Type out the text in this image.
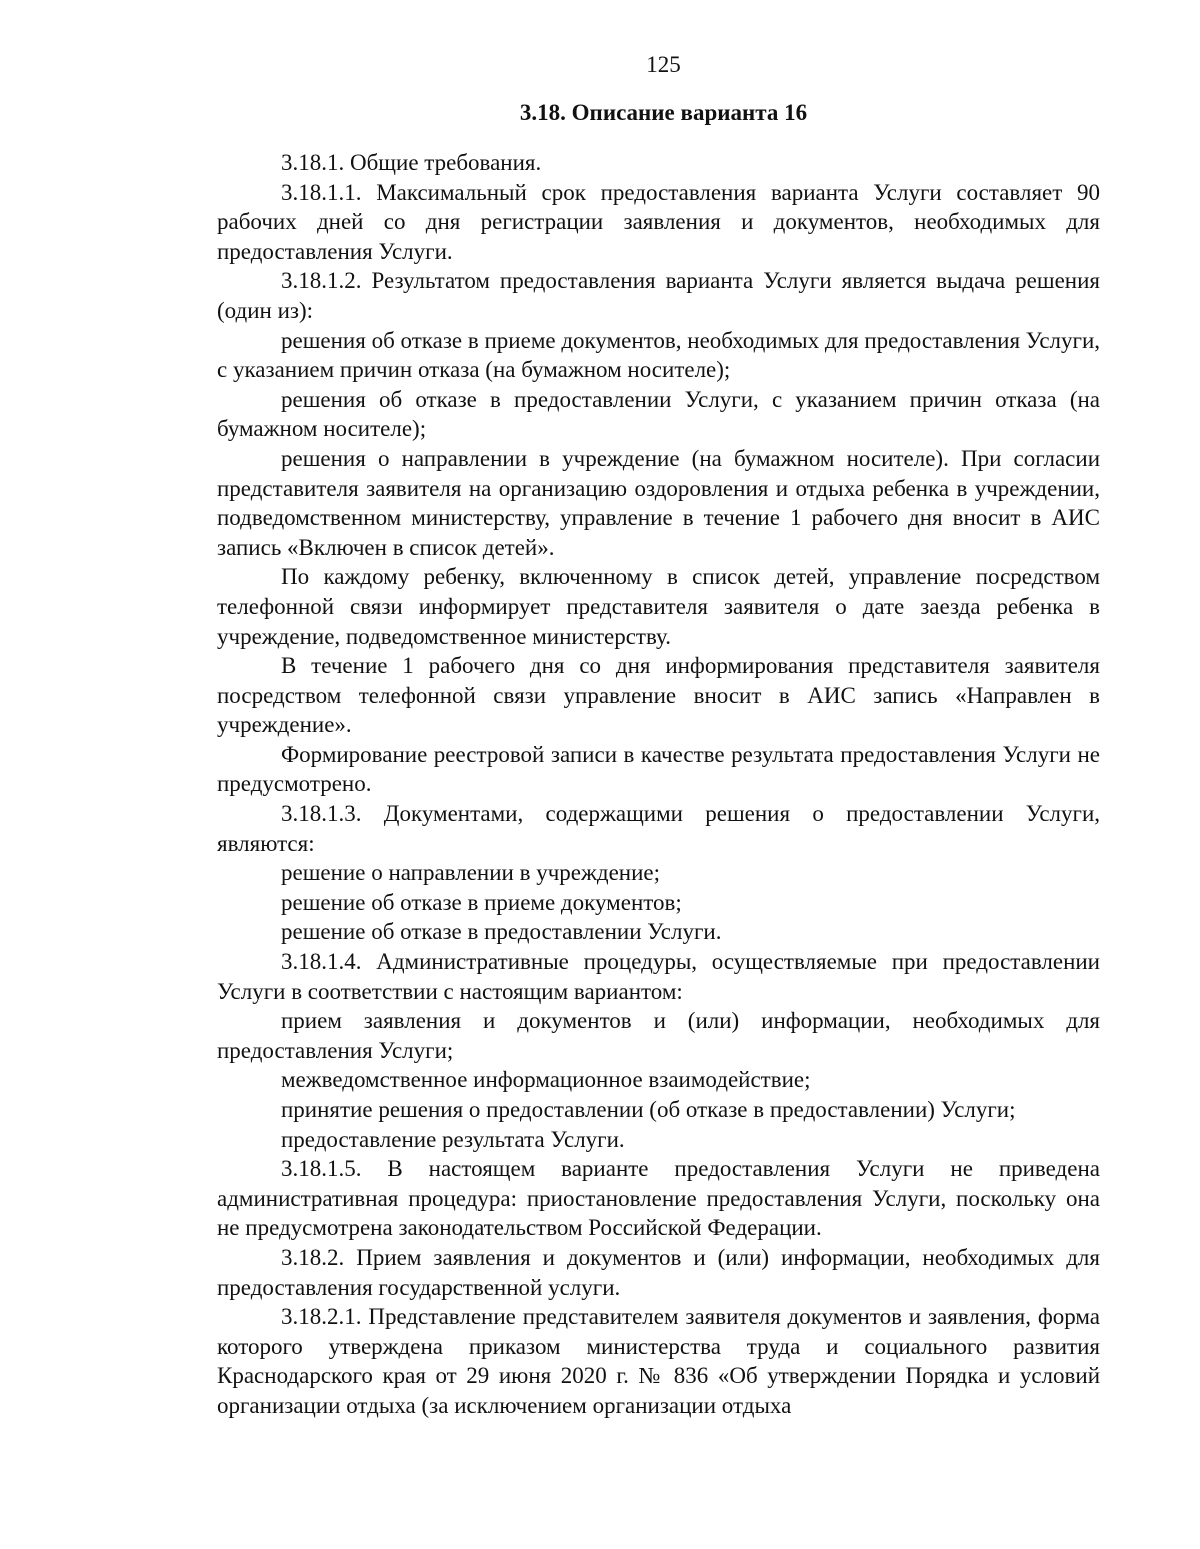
125
3.18. Описание варианта 16

3.18.1. Общие требования.

3.18.1.1. Максимальный срок предоставления варианта Услуги составляет 90 рабочих дней со дня регистрации заявления и документов, необходимых для предоставления Услуги.

3.18.1.2. Результатом предоставления варианта Услуги является выдача решения (один из):

решения об отказе в приеме документов, необходимых для предоставления Услуги, с указанием причин отказа (на бумажном носителе);

решения об отказе в предоставлении Услуги, с указанием причин отказа (на бумажном носителе);

решения о направлении в учреждение (на бумажном носителе). При согласии представителя заявителя на организацию оздоровления и отдыха ребенка в учреждении, подведомственном министерству, управление в течение 1 рабочего дня вносит в АИС запись «Включен в список детей».

По каждому ребенку, включенному в список детей, управление посредством телефонной связи информирует представителя заявителя о дате заезда ребенка в учреждение, подведомственное министерству.

В течение 1 рабочего дня со дня информирования представителя заявителя посредством телефонной связи управление вносит в АИС запись «Направлен в учреждение».

Формирование реестровой записи в качестве результата предоставления Услуги не предусмотрено.

3.18.1.3. Документами, содержащими решения о предоставлении Услуги, являются:

решение о направлении в учреждение;

решение об отказе в приеме документов;

решение об отказе в предоставлении Услуги.

3.18.1.4. Административные процедуры, осуществляемые при предоставлении Услуги в соответствии с настоящим вариантом:

прием заявления и документов и (или) информации, необходимых для предоставления Услуги;

межведомственное информационное взаимодействие;

принятие решения о предоставлении (об отказе в предоставлении) Услуги;

предоставление результата Услуги.

3.18.1.5. В настоящем варианте предоставления Услуги не приведена административная процедура: приостановление предоставления Услуги, поскольку она не предусмотрена законодательством Российской Федерации.

3.18.2. Прием заявления и документов и (или) информации, необходимых для предоставления государственной услуги.

3.18.2.1. Представление представителем заявителя документов и заявления, форма которого утверждена приказом министерства труда и социального развития Краснодарского края от 29 июня 2020 г. № 836 «Об утверждении Порядка и условий организации отдыха (за исключением организации отдыха
